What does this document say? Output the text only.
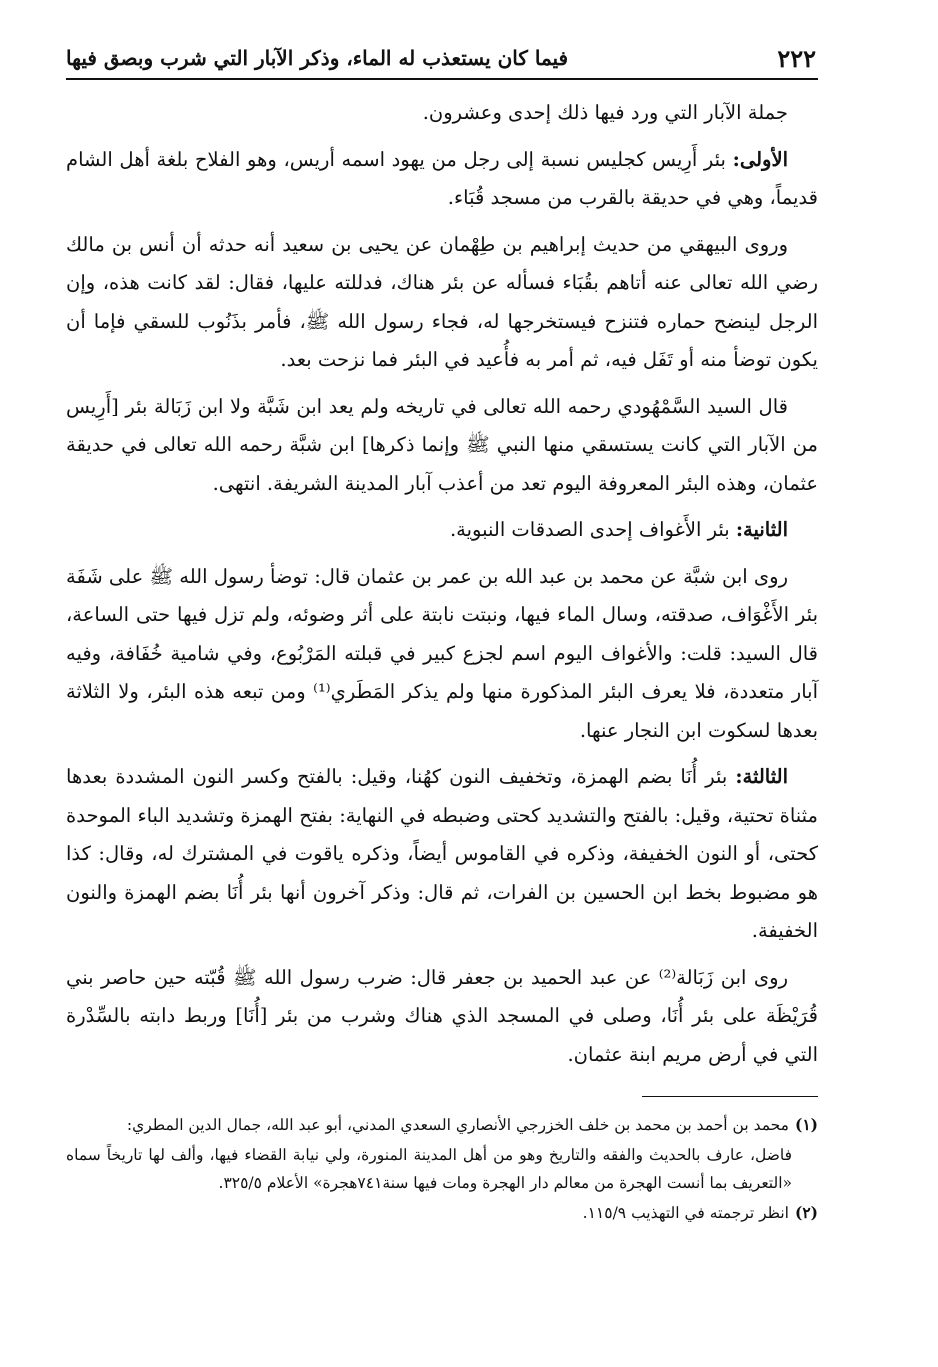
٢٢٢
فيما كان يستعذب له الماء، وذكر الآبار التي شرب وبصق فيها

جملة الآبار التي ورد فيها ذلك إحدى وعشرون.

الأولى: بئر أَرِيس كجليس نسبة إلى رجل من يهود اسمه أريس، وهو الفلاح بلغة أهل الشام قديماً، وهي في حديقة بالقرب من مسجد قُبَاء.

وروى البيهقي من حديث إبراهيم بن طِهْمان عن يحيى بن سعيد أنه حدثه أن أنس بن مالك رضي الله تعالى عنه أتاهم بقُبَاء فسأله عن بئر هناك، فدللته عليها، فقال: لقد كانت هذه، وإن الرجل لينضح حماره فتنزح فيستخرجها له، فجاء رسول الله ﷺ، فأمر بذَنُوب للسقي فإما أن يكون توضأ منه أو تَفَل فيه، ثم أمر به فأُعيد في البئر فما نزحت بعد.

قال السيد السَّمْهُودي رحمه الله تعالى في تاريخه ولم يعد ابن شَبَّة ولا ابن زَبَالة بئر [أَرِيس من الآبار التي كانت يستسقي منها النبي ﷺ وإنما ذكرها] ابن شبَّة رحمه الله تعالى في حديقة عثمان، وهذه البئر المعروفة اليوم تعد من أعذب آبار المدينة الشريفة. انتهى.

الثانية: بئر الأَغواف إحدى الصدقات النبوية.

روى ابن شبَّة عن محمد بن عبد الله بن عمر بن عثمان قال: توضأ رسول الله ﷺ على شَفَة بئر الأَغْوَاف، صدقته، وسال الماء فيها، ونبتت نابتة على أثر وضوئه، ولم تزل فيها حتى الساعة، قال السيد: قلت: والأغواف اليوم اسم لجزع كبير في قبلته المَرْبُوع، وفي شامية خُفَافة، وفيه آبار متعددة، فلا يعرف البئر المذكورة منها ولم يذكر المَطَري⁽¹⁾ ومن تبعه هذه البئر، ولا الثلاثة بعدها لسكوت ابن النجار عنها.

الثالثة: بئر أُنَا بضم الهمزة، وتخفيف النون كهُنا، وقيل: بالفتح وكسر النون المشددة بعدها مثناة تحتية، وقيل: بالفتح والتشديد كحتى وضبطه في النهاية: بفتح الهمزة وتشديد الباء الموحدة كحتى، أو النون الخفيفة، وذكره في القاموس أيضاً، وذكره ياقوت في المشترك له، وقال: كذا هو مضبوط بخط ابن الحسين بن الفرات، ثم قال: وذكر آخرون أنها بئر أُنَا بضم الهمزة والنون الخفيفة.

روى ابن زَبَالة⁽²⁾ عن عبد الحميد بن جعفر قال: ضرب رسول الله ﷺ قُبّته حين حاصر بني قُرَيْظَة على بئر أُنَا، وصلى في المسجد الذي هناك وشرب من بئر [أُنَا] وربط دابته بالسِّدْرة التي في أرض مريم ابنة عثمان.

(١)محمد بن أحمد بن محمد بن خلف الخزرجي الأنصاري السعدي المدني، أبو عبد الله، جمال الدين المطري:

فاضل، عارف بالحديث والفقه والتاريخ وهو من أهل المدينة المنورة، ولي نيابة القضاء فيها، وألف لها تاريخاً سماه «التعريف بما أنست الهجرة من معالم دار الهجرة ومات فيها سنة٧٤١هجرة» الأعلام ٣٢٥/٥.

(٢)انظر ترجمته في التهذيب ١١٥/٩.
